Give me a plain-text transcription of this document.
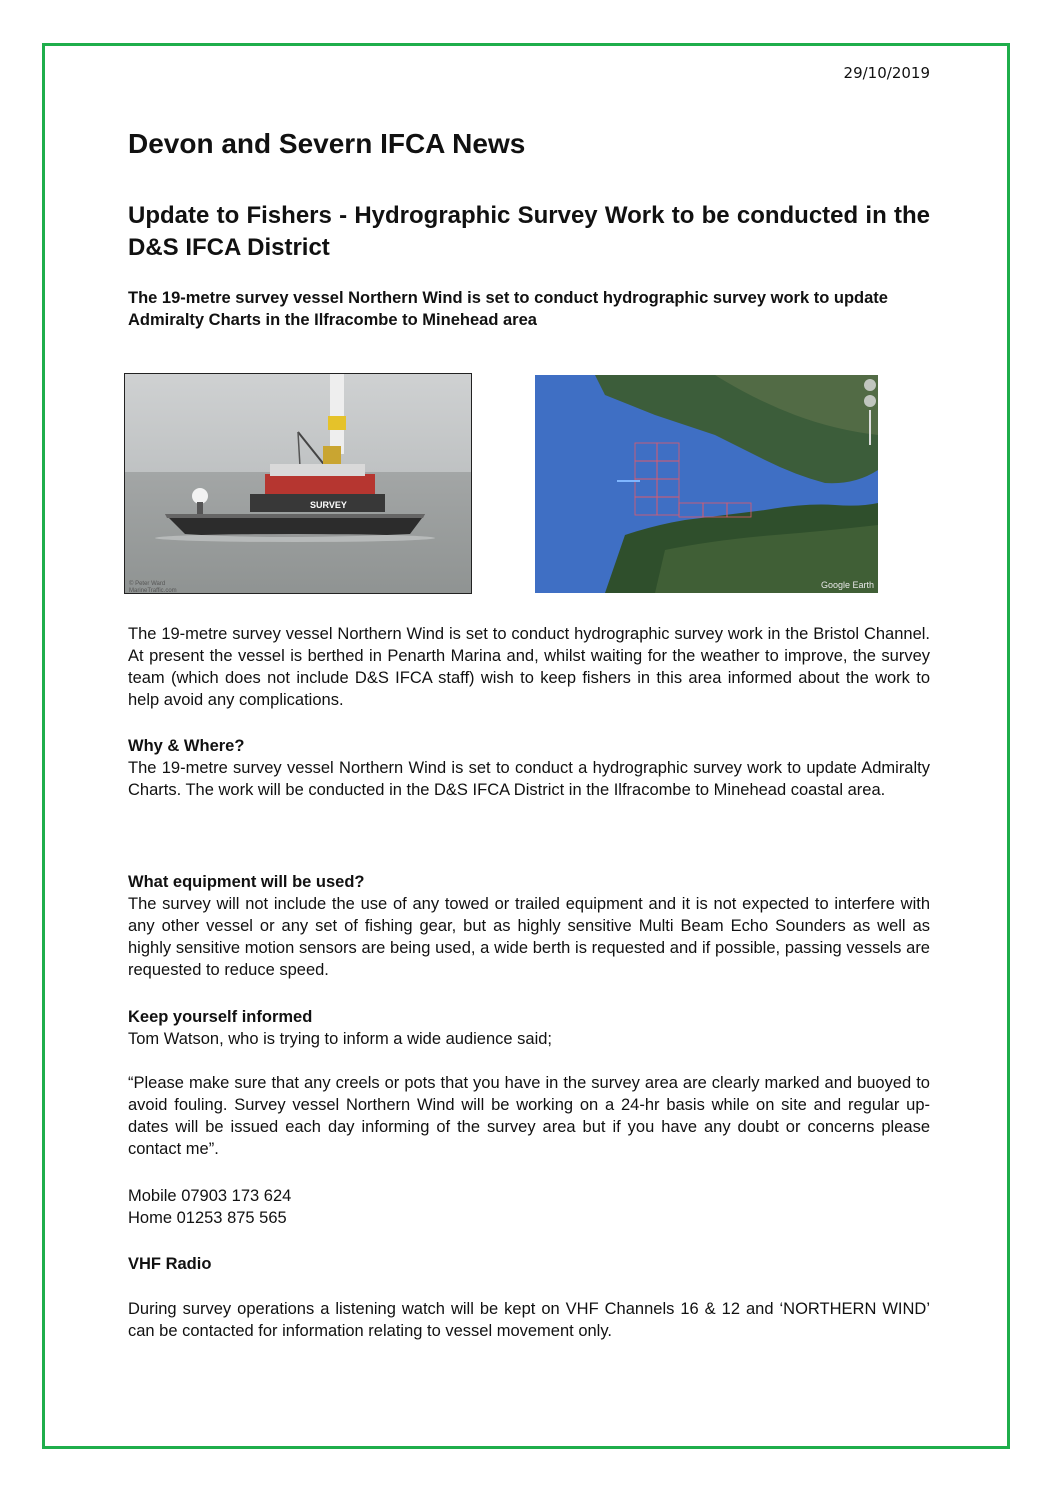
29/10/2019
Devon and Severn IFCA News
Update to Fishers - Hydrographic Survey Work to be conducted in the D&S IFCA District

The 19-metre survey vessel Northern Wind is set to conduct hydrographic survey work to update Admiralty Charts in the Ilfracombe to Minehead area

SURVEY
© Peter Ward MarineTraffic.com
Google Earth

The 19-metre survey vessel Northern Wind is set to conduct hydrographic survey work in the Bristol Channel. At present the vessel is berthed in Penarth Marina and, whilst waiting for the weather to improve, the survey team (which does not include D&S IFCA staff) wish to keep fishers in this area informed about the work to help avoid any complications.

Why & Where?

The 19-metre survey vessel Northern Wind is set to conduct a hydrographic survey work to update Admiralty Charts. The work will be conducted in the D&S IFCA District in the Ilfracombe to Minehead coastal area.

What equipment will be used?

The survey will not include the use of any towed or trailed equipment and it is not expected to interfere with any other vessel or any set of fishing gear, but as highly sensitive Multi Beam Echo Sounders as well as highly sensitive motion sensors are being used, a wide berth is requested and if possible, passing vessels are requested to reduce speed.

Keep yourself informed

Tom Watson, who is trying to inform a wide audience said;

“Please make sure that any creels or pots that you have in the survey area are clearly marked and buoyed to avoid fouling. Survey vessel Northern Wind will be working on a 24-hr basis while on site and regular up-dates will be issued each day informing of the survey area but if you have any doubt or concerns please contact me”.

Mobile 07903 173 624

Home 01253 875 565

VHF Radio

During survey operations a listening watch will be kept on VHF Channels 16 & 12 and ‘NORTHERN WIND’ can be contacted for information relating to vessel movement only.
